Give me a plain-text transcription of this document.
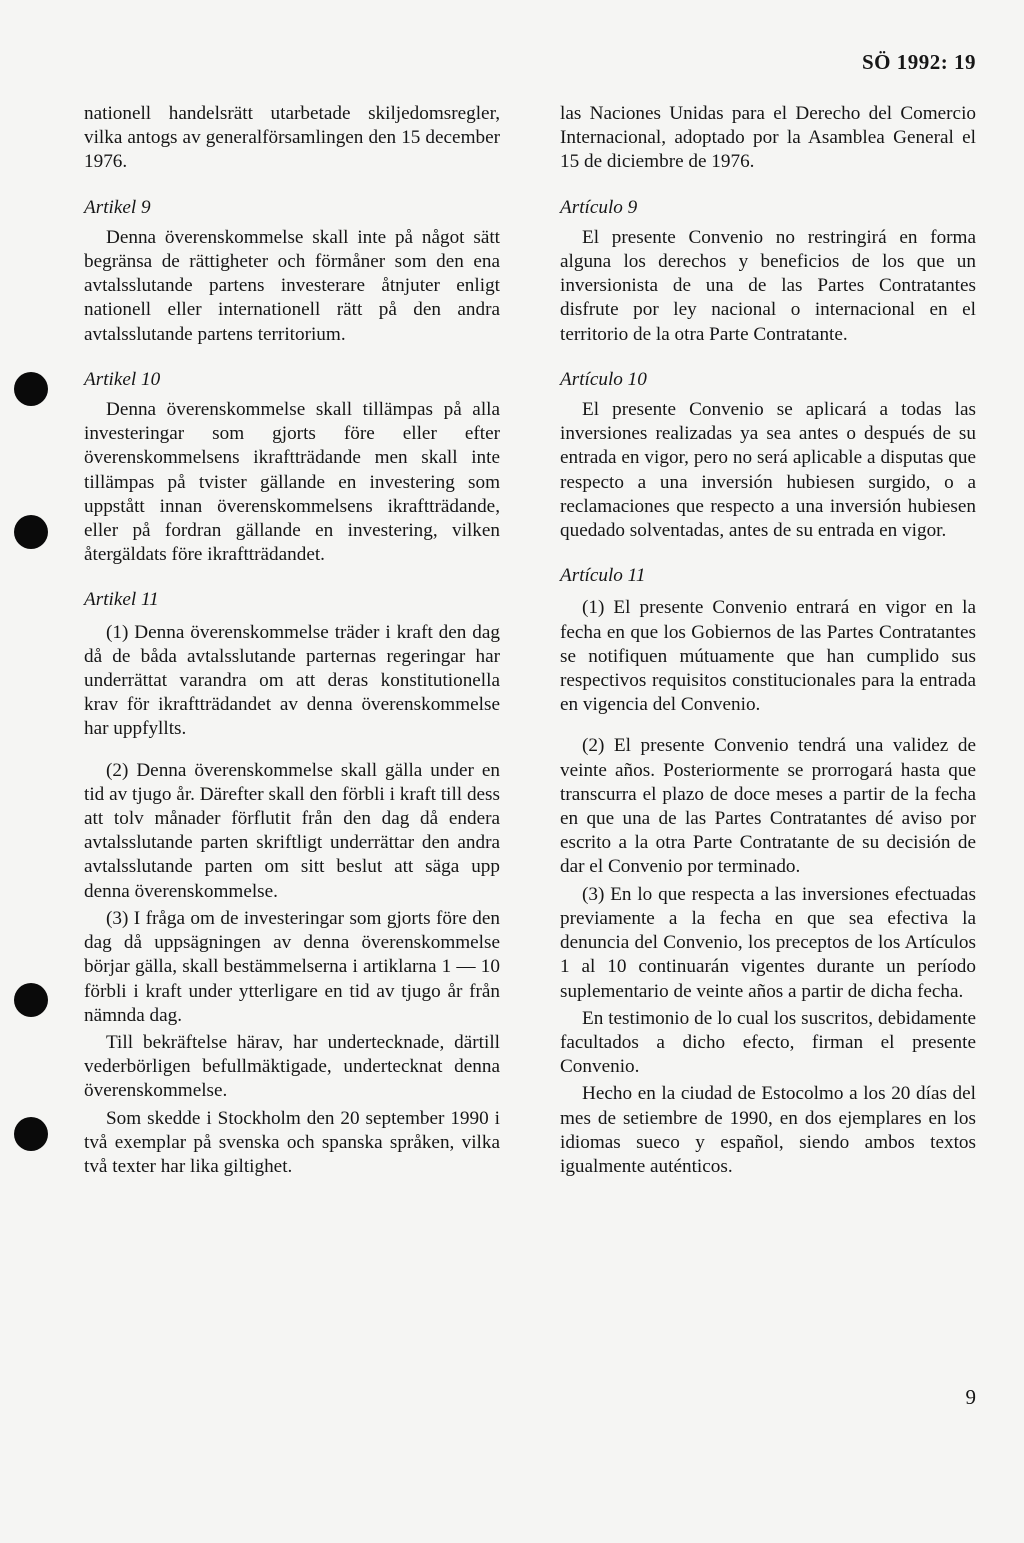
SÖ 1992: 19

nationell handelsrätt utarbetade skiljedomsregler, vilka antogs av generalförsamlingen den 15 december 1976.

Artikel 9

Denna överenskommelse skall inte på något sätt begränsa de rättigheter och förmåner som den ena avtalsslutande partens investerare åtnjuter enligt nationell eller internationell rätt på den andra avtalsslutande partens territorium.

Artikel 10

Denna överenskommelse skall tillämpas på alla investeringar som gjorts före eller efter överenskommelsens ikraftträdande men skall inte tillämpas på tvister gällande en investering som uppstått innan överenskommelsens ikraftträdande, eller på fordran gällande en investering, vilken återgäldats före ikraftträdandet.

Artikel 11

(1) Denna överenskommelse träder i kraft den dag då de båda avtalsslutande parternas regeringar har underrättat varandra om att deras konstitutionella krav för ikraftträdandet av denna överenskommelse har uppfyllts.

(2) Denna överenskommelse skall gälla under en tid av tjugo år. Därefter skall den förbli i kraft till dess att tolv månader förflutit från den dag då endera avtalsslutande parten skriftligt underrättar den andra avtalsslutande parten om sitt beslut att säga upp denna överenskommelse.

(3) I fråga om de investeringar som gjorts före den dag då uppsägningen av denna överenskommelse börjar gälla, skall bestämmelserna i artiklarna 1 — 10 förbli i kraft under ytterligare en tid av tjugo år från nämnda dag.

Till bekräftelse härav, har undertecknade, därtill vederbörligen befullmäktigade, undertecknat denna överenskommelse.

Som skedde i Stockholm den 20 september 1990 i två exemplar på svenska och spanska språken, vilka två texter har lika giltighet.

las Naciones Unidas para el Derecho del Comercio Internacional, adoptado por la Asamblea General el 15 de diciembre de 1976.

Artículo 9

El presente Convenio no restringirá en forma alguna los derechos y beneficios de los que un inversionista de una de las Partes Contratantes disfrute por ley nacional o internacional en el territorio de la otra Parte Contratante.

Artículo 10

El presente Convenio se aplicará a todas las inversiones realizadas ya sea antes o después de su entrada en vigor, pero no será aplicable a disputas que respecto a una inversión hubiesen surgido, o a reclamaciones que respecto a una inversión hubiesen quedado solventadas, antes de su entrada en vigor.

Artículo 11

(1) El presente Convenio entrará en vigor en la fecha en que los Gobiernos de las Partes Contratantes se notifiquen mútuamente que han cumplido sus respectivos requisitos constitucionales para la entrada en vigencia del Convenio.

(2) El presente Convenio tendrá una validez de veinte años. Posteriormente se prorrogará hasta que transcurra el plazo de doce meses a partir de la fecha en que una de las Partes Contratantes dé aviso por escrito a la otra Parte Contratante de su decisión de dar el Convenio por terminado.

(3) En lo que respecta a las inversiones efectuadas previamente a la fecha en que sea efectiva la denuncia del Convenio, los preceptos de los Artículos 1 al 10 continuarán vigentes durante un período suplementario de veinte años a partir de dicha fecha.

En testimonio de lo cual los suscritos, debidamente facultados a dicho efecto, firman el presente Convenio.

Hecho en la ciudad de Estocolmo a los 20 días del mes de setiembre de 1990, en dos ejemplares en los idiomas sueco y español, siendo ambos textos igualmente auténticos.

9
